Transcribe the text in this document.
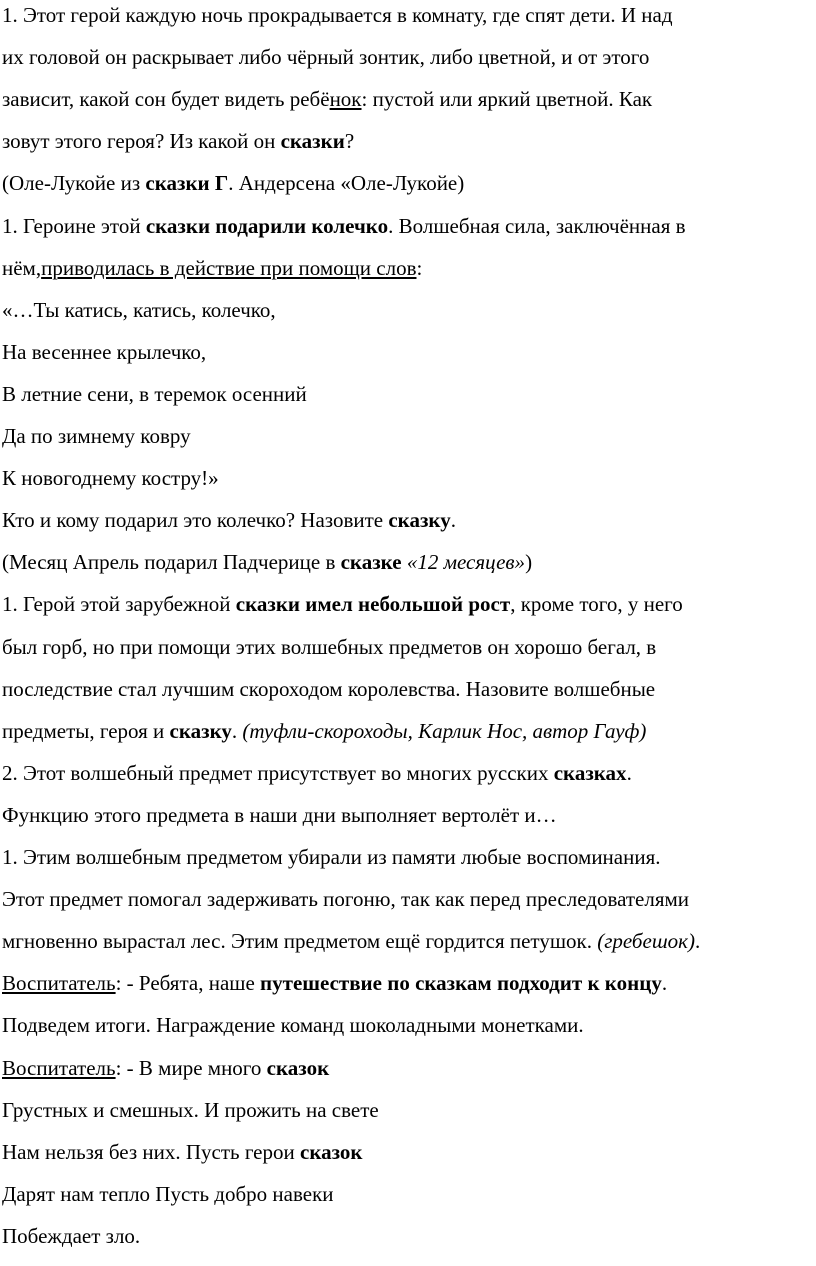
1. Этот герой каждую ночь прокрадывается в комнату, где спят дети. И над
их головой он раскрывает либо чёрный зонтик, либо цветной, и от этого
зависит, какой сон будет видеть ребёнок: пустой или яркий цветной. Как
зовут этого героя? Из какой он сказки?
(Оле-Лукойе из сказки Г. Андерсена «Оле-Лукойе)
1. Героине этой сказки подарили колечко. Волшебная сила, заключённая в
нём,приводилась в действие при помощи слов:
«…Ты катись, катись, колечко,
На весеннее крылечко,
В летние сени, в теремок осенний
Да по зимнему ковру
К новогоднему костру!»
Кто и кому подарил это колечко? Назовите сказку.
(Месяц Апрель подарил Падчерице в сказке «12 месяцев»)
1. Герой этой зарубежной сказки имел небольшой рост, кроме того, у него
был горб, но при помощи этих волшебных предметов он хорошо бегал, в
последствие стал лучшим скороходом королевства. Назовите волшебные
предметы, героя и сказку. (туфли-скороходы, Карлик Нос, автор Гауф)
2. Этот волшебный предмет присутствует во многих русских сказках.
Функцию этого предмета в наши дни выполняет вертолёт и…
1. Этим волшебным предметом убирали из памяти любые воспоминания.
Этот предмет помогал задерживать погоню, так как перед преследователями
мгновенно вырастал лес. Этим предметом ещё гордится петушок. (гребешок).
Воспитатель: - Ребята, наше путешествие по сказкам подходит к концу.
Подведем итоги. Награждение команд шоколадными монетками.
Воспитатель: - В мире много сказок
Грустных и смешных. И прожить на свете
Нам нельзя без них. Пусть герои сказок
Дарят нам тепло Пусть добро навеки
Побеждает зло.
